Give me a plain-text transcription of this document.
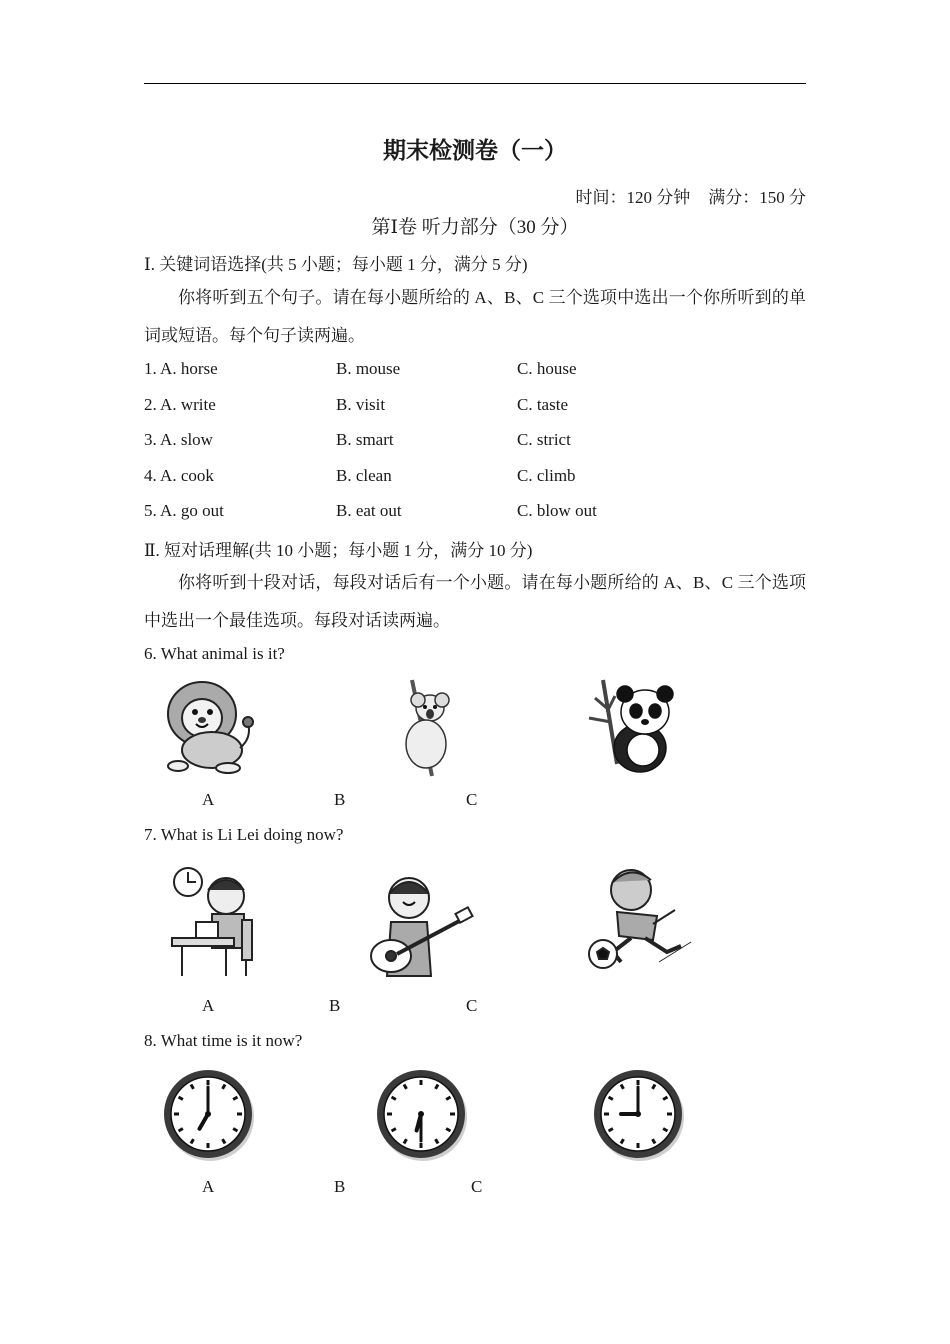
期末检测卷（一）
时间：120 分钟 满分：150 分
第Ⅰ卷 听力部分（30 分）
Ⅰ. 关键词语选择(共 5 小题；每小题 1 分，满分 5 分)
你将听到五个句子。请在每小题所给的 A、B、C 三个选项中选出一个你所听到的单词或短语。每个句子读两遍。
1. A. horse	B. mouse	C. house
2. A. write	B. visit	C. taste
3. A. slow	B. smart	C. strict
4. A. cook	B. clean	C. climb
5. A. go out	B. eat out	C. blow out
Ⅱ. 短对话理解(共 10 小题；每小题 1 分，满分 10 分)
你将听到十段对话，每段对话后有一个小题。请在每小题所给的 A、B、C 三个选项中选出一个最佳选项。每段对话读两遍。
6. What animal is it?
A	B	C
7. What is Li Lei doing now?
A	B	C
8. What time is it now?
A	B	C
